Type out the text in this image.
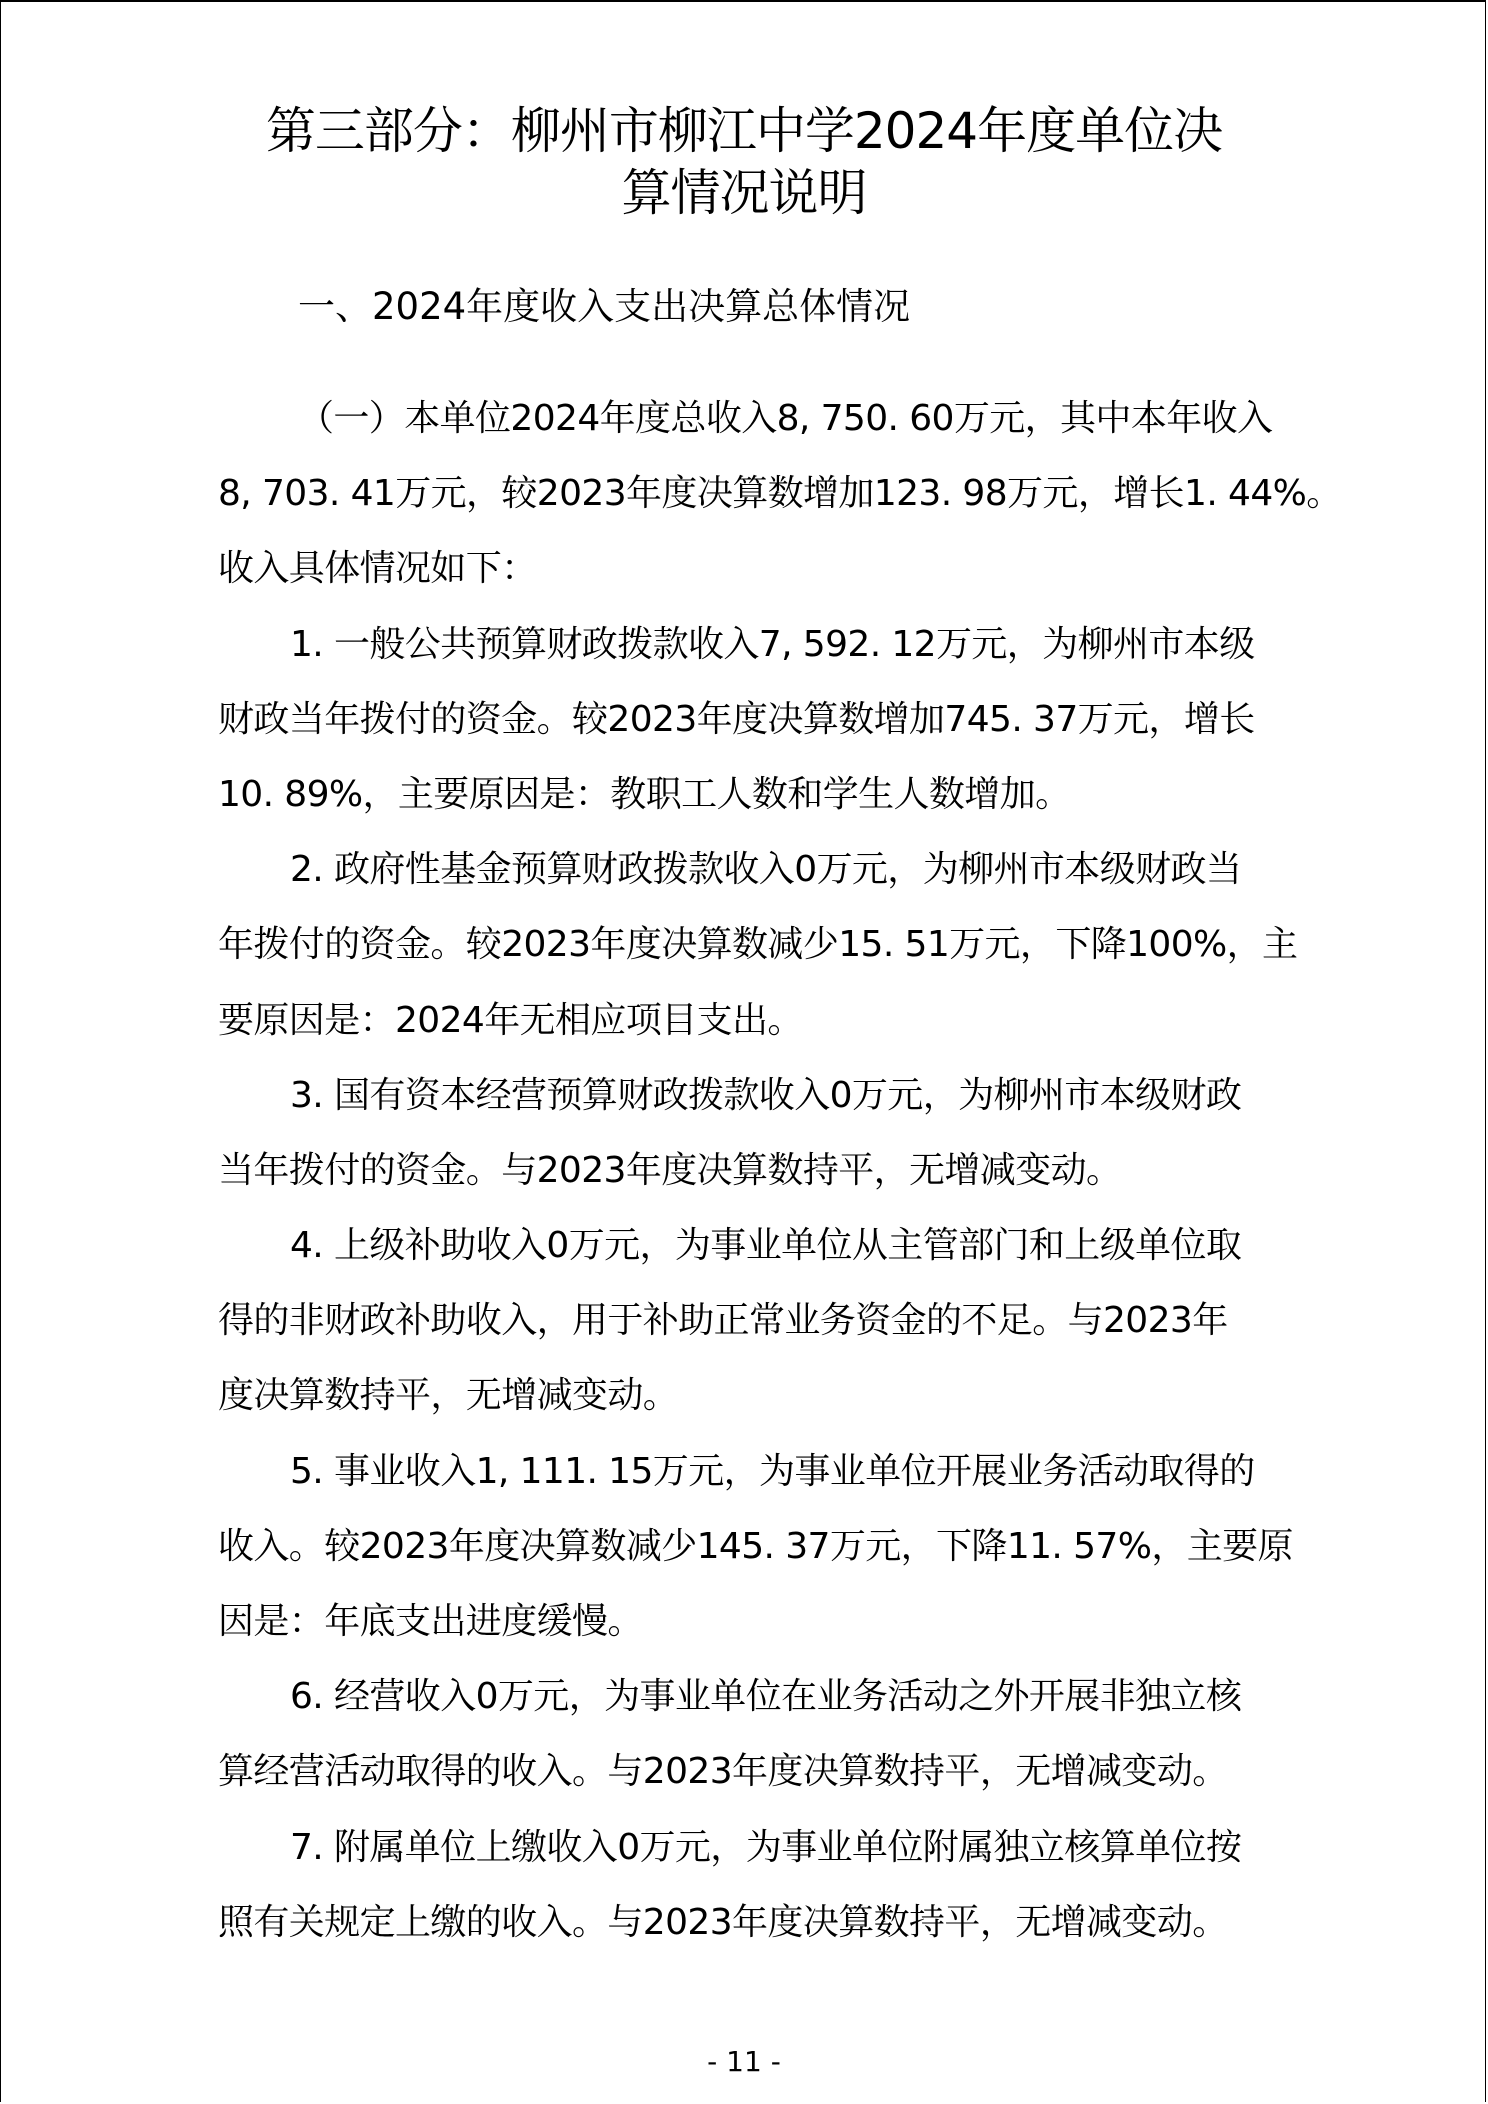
第三部分：柳州市柳江中学2024年度单位决
算情况说明
一、2024年度收入支出决算总体情况
（一）本单位2024年度总收入8, 750. 60万元，其中本年收入
8, 703. 41万元，较2023年度决算数增加123. 98万元，增长1. 44%。
收入具体情况如下：
1. 一般公共预算财政拨款收入7, 592. 12万元，为柳州市本级
财政当年拨付的资金。较2023年度决算数增加745. 37万元，增长
10. 89%，主要原因是：教职工人数和学生人数增加。
2. 政府性基金预算财政拨款收入0万元，为柳州市本级财政当
年拨付的资金。较2023年度决算数减少15. 51万元，下降100%，主
要原因是：2024年无相应项目支出。
3. 国有资本经营预算财政拨款收入0万元，为柳州市本级财政
当年拨付的资金。与2023年度决算数持平，无增减变动。
4. 上级补助收入0万元，为事业单位从主管部门和上级单位取
得的非财政补助收入，用于补助正常业务资金的不足。与2023年
度决算数持平，无增减变动。
5. 事业收入1, 111. 15万元，为事业单位开展业务活动取得的
收入。较2023年度决算数减少145. 37万元，下降11. 57%，主要原
因是：年底支出进度缓慢。
6. 经营收入0万元，为事业单位在业务活动之外开展非独立核
算经营活动取得的收入。与2023年度决算数持平，无增减变动。
7. 附属单位上缴收入0万元，为事业单位附属独立核算单位按
照有关规定上缴的收入。与2023年度决算数持平，无增减变动。
- 11 -
